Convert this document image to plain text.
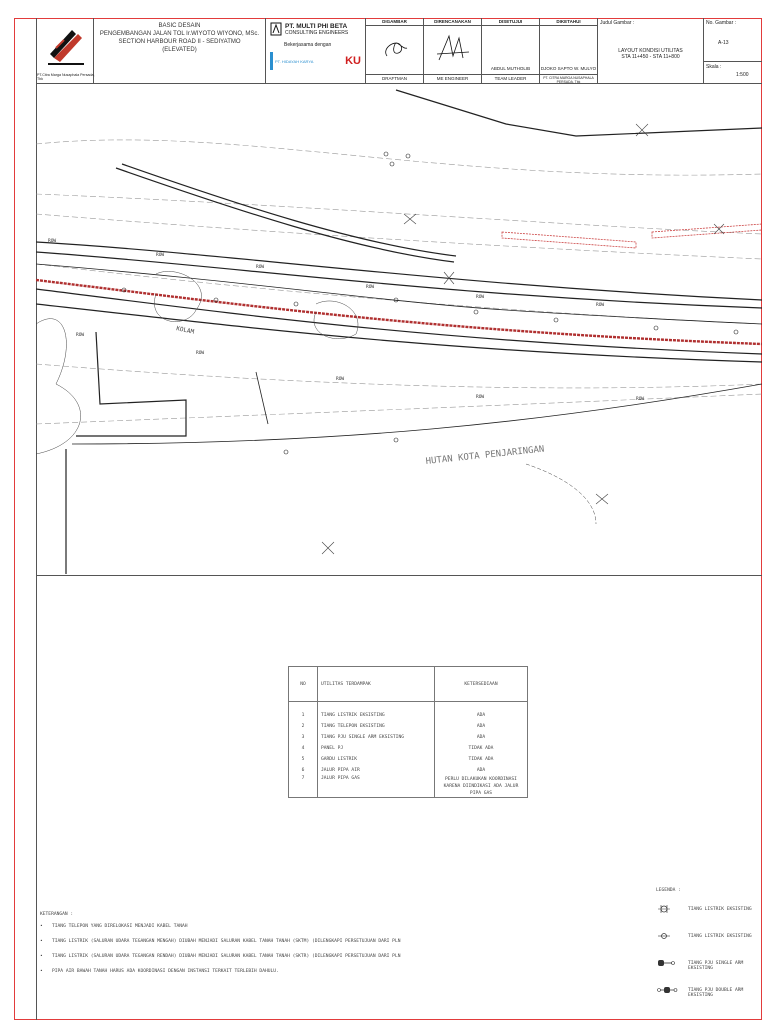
PT.Citra Marga Nusaphala Persada, Tbk
BASIC DESAIN
PENGEMBANGAN JALAN TOL Ir.WIYOTO WIYONO, MSc.
SECTION HARBOUR ROAD II - SEDIYATMO
(ELEVATED)
PT. MULTI PHI BETA
CONSULTING ENGINEERS
Bekerjasama dengan
PT. HIDAYAH KARYA	KU
DIGAMBAR
DRAFTMAN
DIRENCANAKAN
ME ENGINEER
DISETUJUI
ABDUL MUTHOLIB
TEAM LEADER
DIKETAHUI
DJOKO SAPTO W. MULYO
PT. CITRA MARGA NUSAPHALA PERSADA, Tbk
Judul Gambar :
LAYOUT KONDISI UTILITAS
STA 11+450 - STA 11+800
No. Gambar :
A-13
Skala :
1:500
ROW
ROW
ROW
ROW
ROW
ROW
ROW
ROW
ROW
ROW	ROW
KOLAM
HUTAN KOTA PENJARINGAN
NO	UTILITAS TERDAMPAK	KETERSEDIAAN
1	TIANG LISTRIK EKSISTING	ADA
2	TIANG TELEPON EKSISTING	ADA
3	TIANG PJU SINGLE ARM EKSISTING	ADA
4	PANEL PJ	TIDAK ADA
5	GARDU LISTRIK	TIDAK ADA
6	JALUR PIPA AIR	ADA
7	JALUR PIPA GAS	PERLU DILAKUKAN KOORDINASI KARENA DIINDIKASI ADA JALUR PIPA GAS
KETERANGAN :
• TIANG TELEPON YANG DIRELOKASI MENJADI KABEL TANAH
• TIANG LISTRIK (SALURAN UDARA TEGANGAN MENGAH) DIUBAH MENJADI SALURAN KABEL TANAH TANAH (SKTM) (DILENGKAPI PERSETUJUAN DARI PLN
• TIANG LISTRIK (SALURAN UDARA TEGANGAN RENDAH) DIUBAH MENJADI SALURAN KABEL TANAH TANAH (SKTR) (DILENGKAPI PERSETUJUAN DARI PLN
• PIPA AIR BAWAH TANAH HARUS ADA KOORDINASI DENGAN INSTANSI TERKAIT TERLEBIH DAHULU.
LEGENDA :
TIANG LISTRIK EKSISTING
TIANG LISTRIK EKSISTING
TIANG PJU SINGLE ARM EKSISTING
TIANG PJU DOUBLE ARM EKSISTING
